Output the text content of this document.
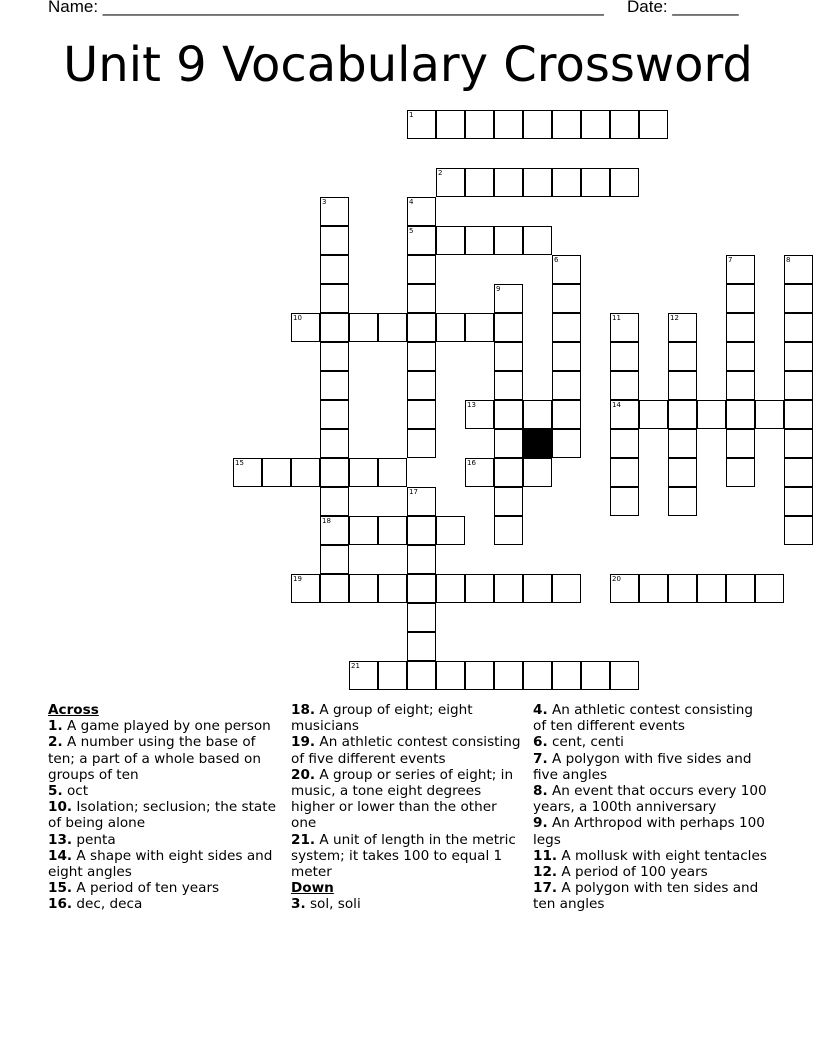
Name: _____________________________________________________ Date: _______
Unit 9 Vocabulary Crossword
1
2
3	4
5
6	7	8
9
10	11	12
13	14
15	16
17
18
19	20
21

Across

1. A game played by one person

2. A number using the base of ten; a part of a whole based on groups of ten

5. oct

10. Isolation; seclusion; the state of being alone

13. penta

14. A shape with eight sides and eight angles

15. A period of ten years

16. dec, deca

18. A group of eight; eight musicians

19. An athletic contest consisting of five different events

20. A group or series of eight; in music, a tone eight degrees higher or lower than the other one

21. A unit of length in the metric system; it takes 100 to equal 1 meter

Down

3. sol, soli

4. An athletic contest consisting of ten different events

6. cent, centi

7. A polygon with five sides and five angles

8. An event that occurs every 100 years, a 100th anniversary

9. An Arthropod with perhaps 100 legs

11. A mollusk with eight tentacles

12. A period of 100 years

17. A polygon with ten sides and ten angles
